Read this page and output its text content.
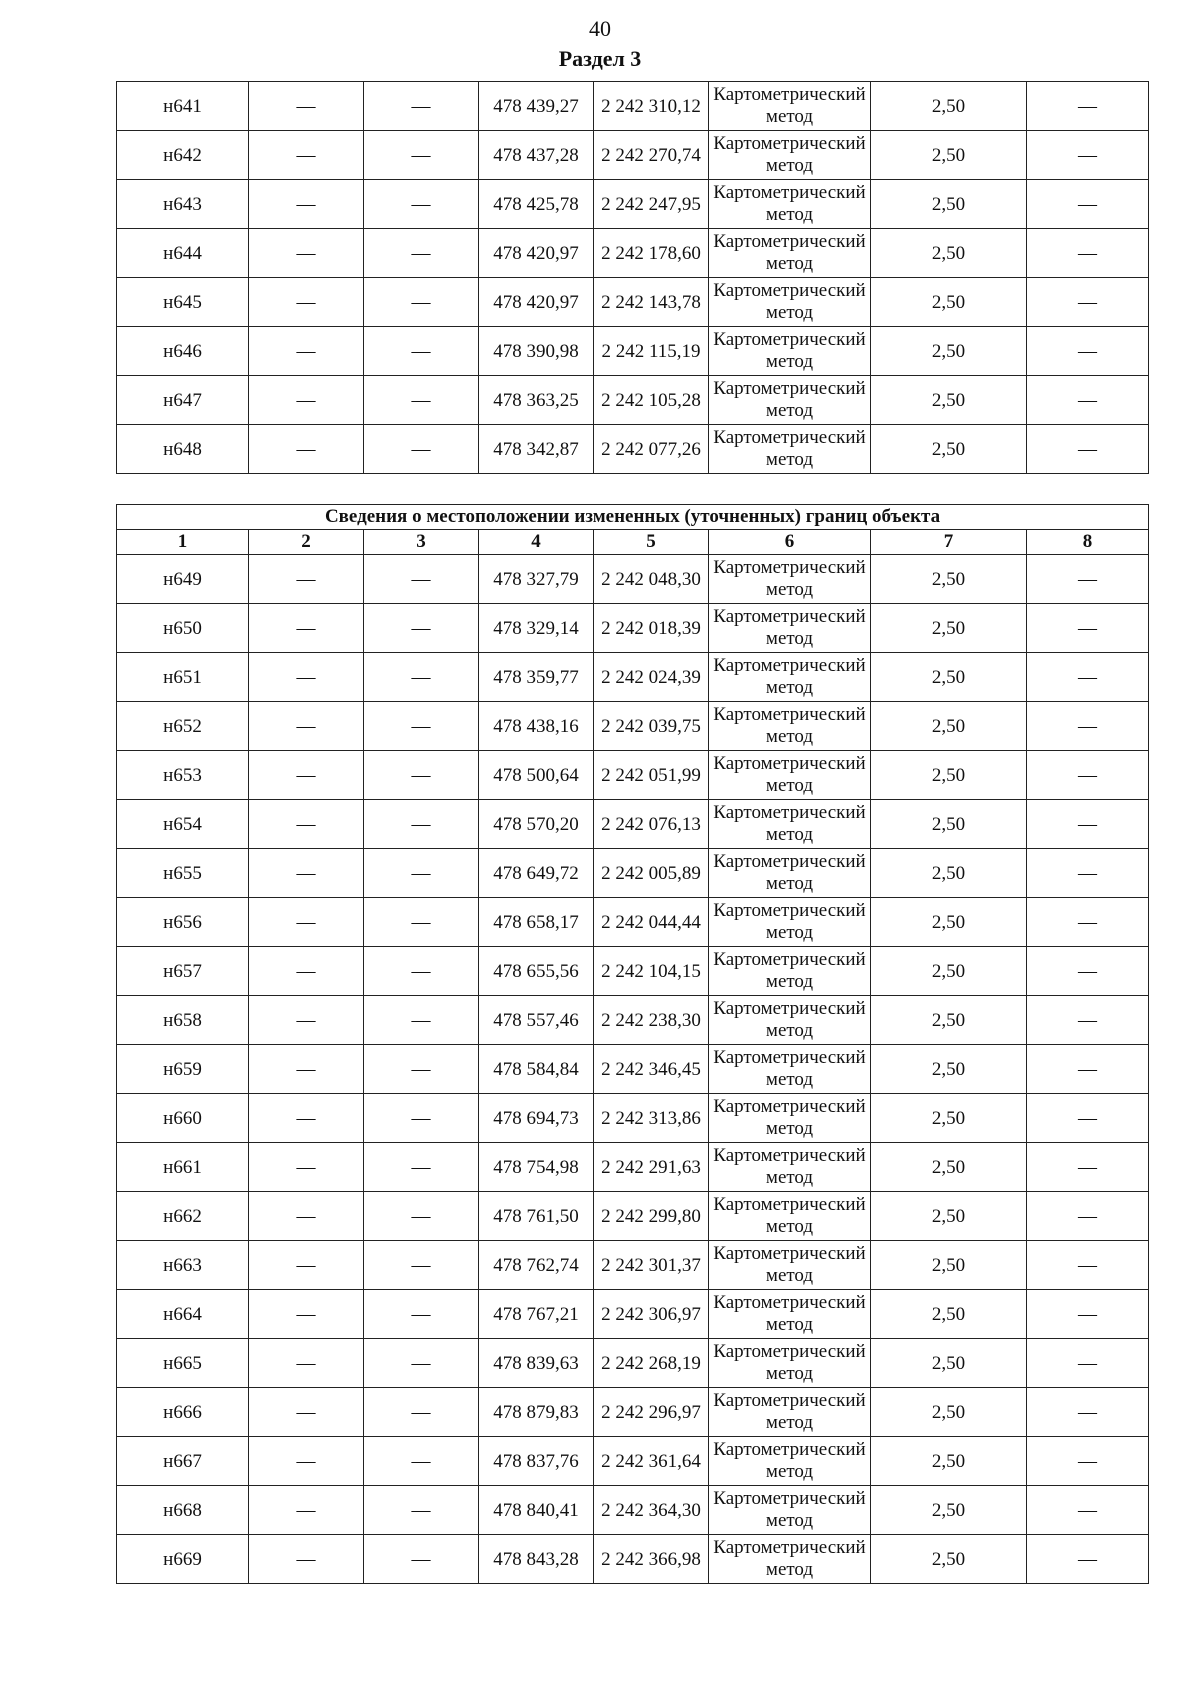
40
Раздел 3
н641	—	—	478 439,27	2 242 310,12	Картометрический метод	2,50	—
н642	—	—	478 437,28	2 242 270,74	Картометрический метод	2,50	—
н643	—	—	478 425,78	2 242 247,95	Картометрический метод	2,50	—
н644	—	—	478 420,97	2 242 178,60	Картометрический метод	2,50	—
н645	—	—	478 420,97	2 242 143,78	Картометрический метод	2,50	—
н646	—	—	478 390,98	2 242 115,19	Картометрический метод	2,50	—
н647	—	—	478 363,25	2 242 105,28	Картометрический метод	2,50	—
н648	—	—	478 342,87	2 242 077,26	Картометрический метод	2,50	—
Сведения о местоположении измененных (уточненных) границ объекта							
1	2	3	4	5	6	7	8
н649	—	—	478 327,79	2 242 048,30	Картометрический метод	2,50	—
н650	—	—	478 329,14	2 242 018,39	Картометрический метод	2,50	—
н651	—	—	478 359,77	2 242 024,39	Картометрический метод	2,50	—
н652	—	—	478 438,16	2 242 039,75	Картометрический метод	2,50	—
н653	—	—	478 500,64	2 242 051,99	Картометрический метод	2,50	—
н654	—	—	478 570,20	2 242 076,13	Картометрический метод	2,50	—
н655	—	—	478 649,72	2 242 005,89	Картометрический метод	2,50	—
н656	—	—	478 658,17	2 242 044,44	Картометрический метод	2,50	—
н657	—	—	478 655,56	2 242 104,15	Картометрический метод	2,50	—
н658	—	—	478 557,46	2 242 238,30	Картометрический метод	2,50	—
н659	—	—	478 584,84	2 242 346,45	Картометрический метод	2,50	—
н660	—	—	478 694,73	2 242 313,86	Картометрический метод	2,50	—
н661	—	—	478 754,98	2 242 291,63	Картометрический метод	2,50	—
н662	—	—	478 761,50	2 242 299,80	Картометрический метод	2,50	—
н663	—	—	478 762,74	2 242 301,37	Картометрический метод	2,50	—
н664	—	—	478 767,21	2 242 306,97	Картометрический метод	2,50	—
н665	—	—	478 839,63	2 242 268,19	Картометрический метод	2,50	—
н666	—	—	478 879,83	2 242 296,97	Картометрический метод	2,50	—
н667	—	—	478 837,76	2 242 361,64	Картометрический метод	2,50	—
н668	—	—	478 840,41	2 242 364,30	Картометрический метод	2,50	—
н669	—	—	478 843,28	2 242 366,98	Картометрический метод	2,50	—
